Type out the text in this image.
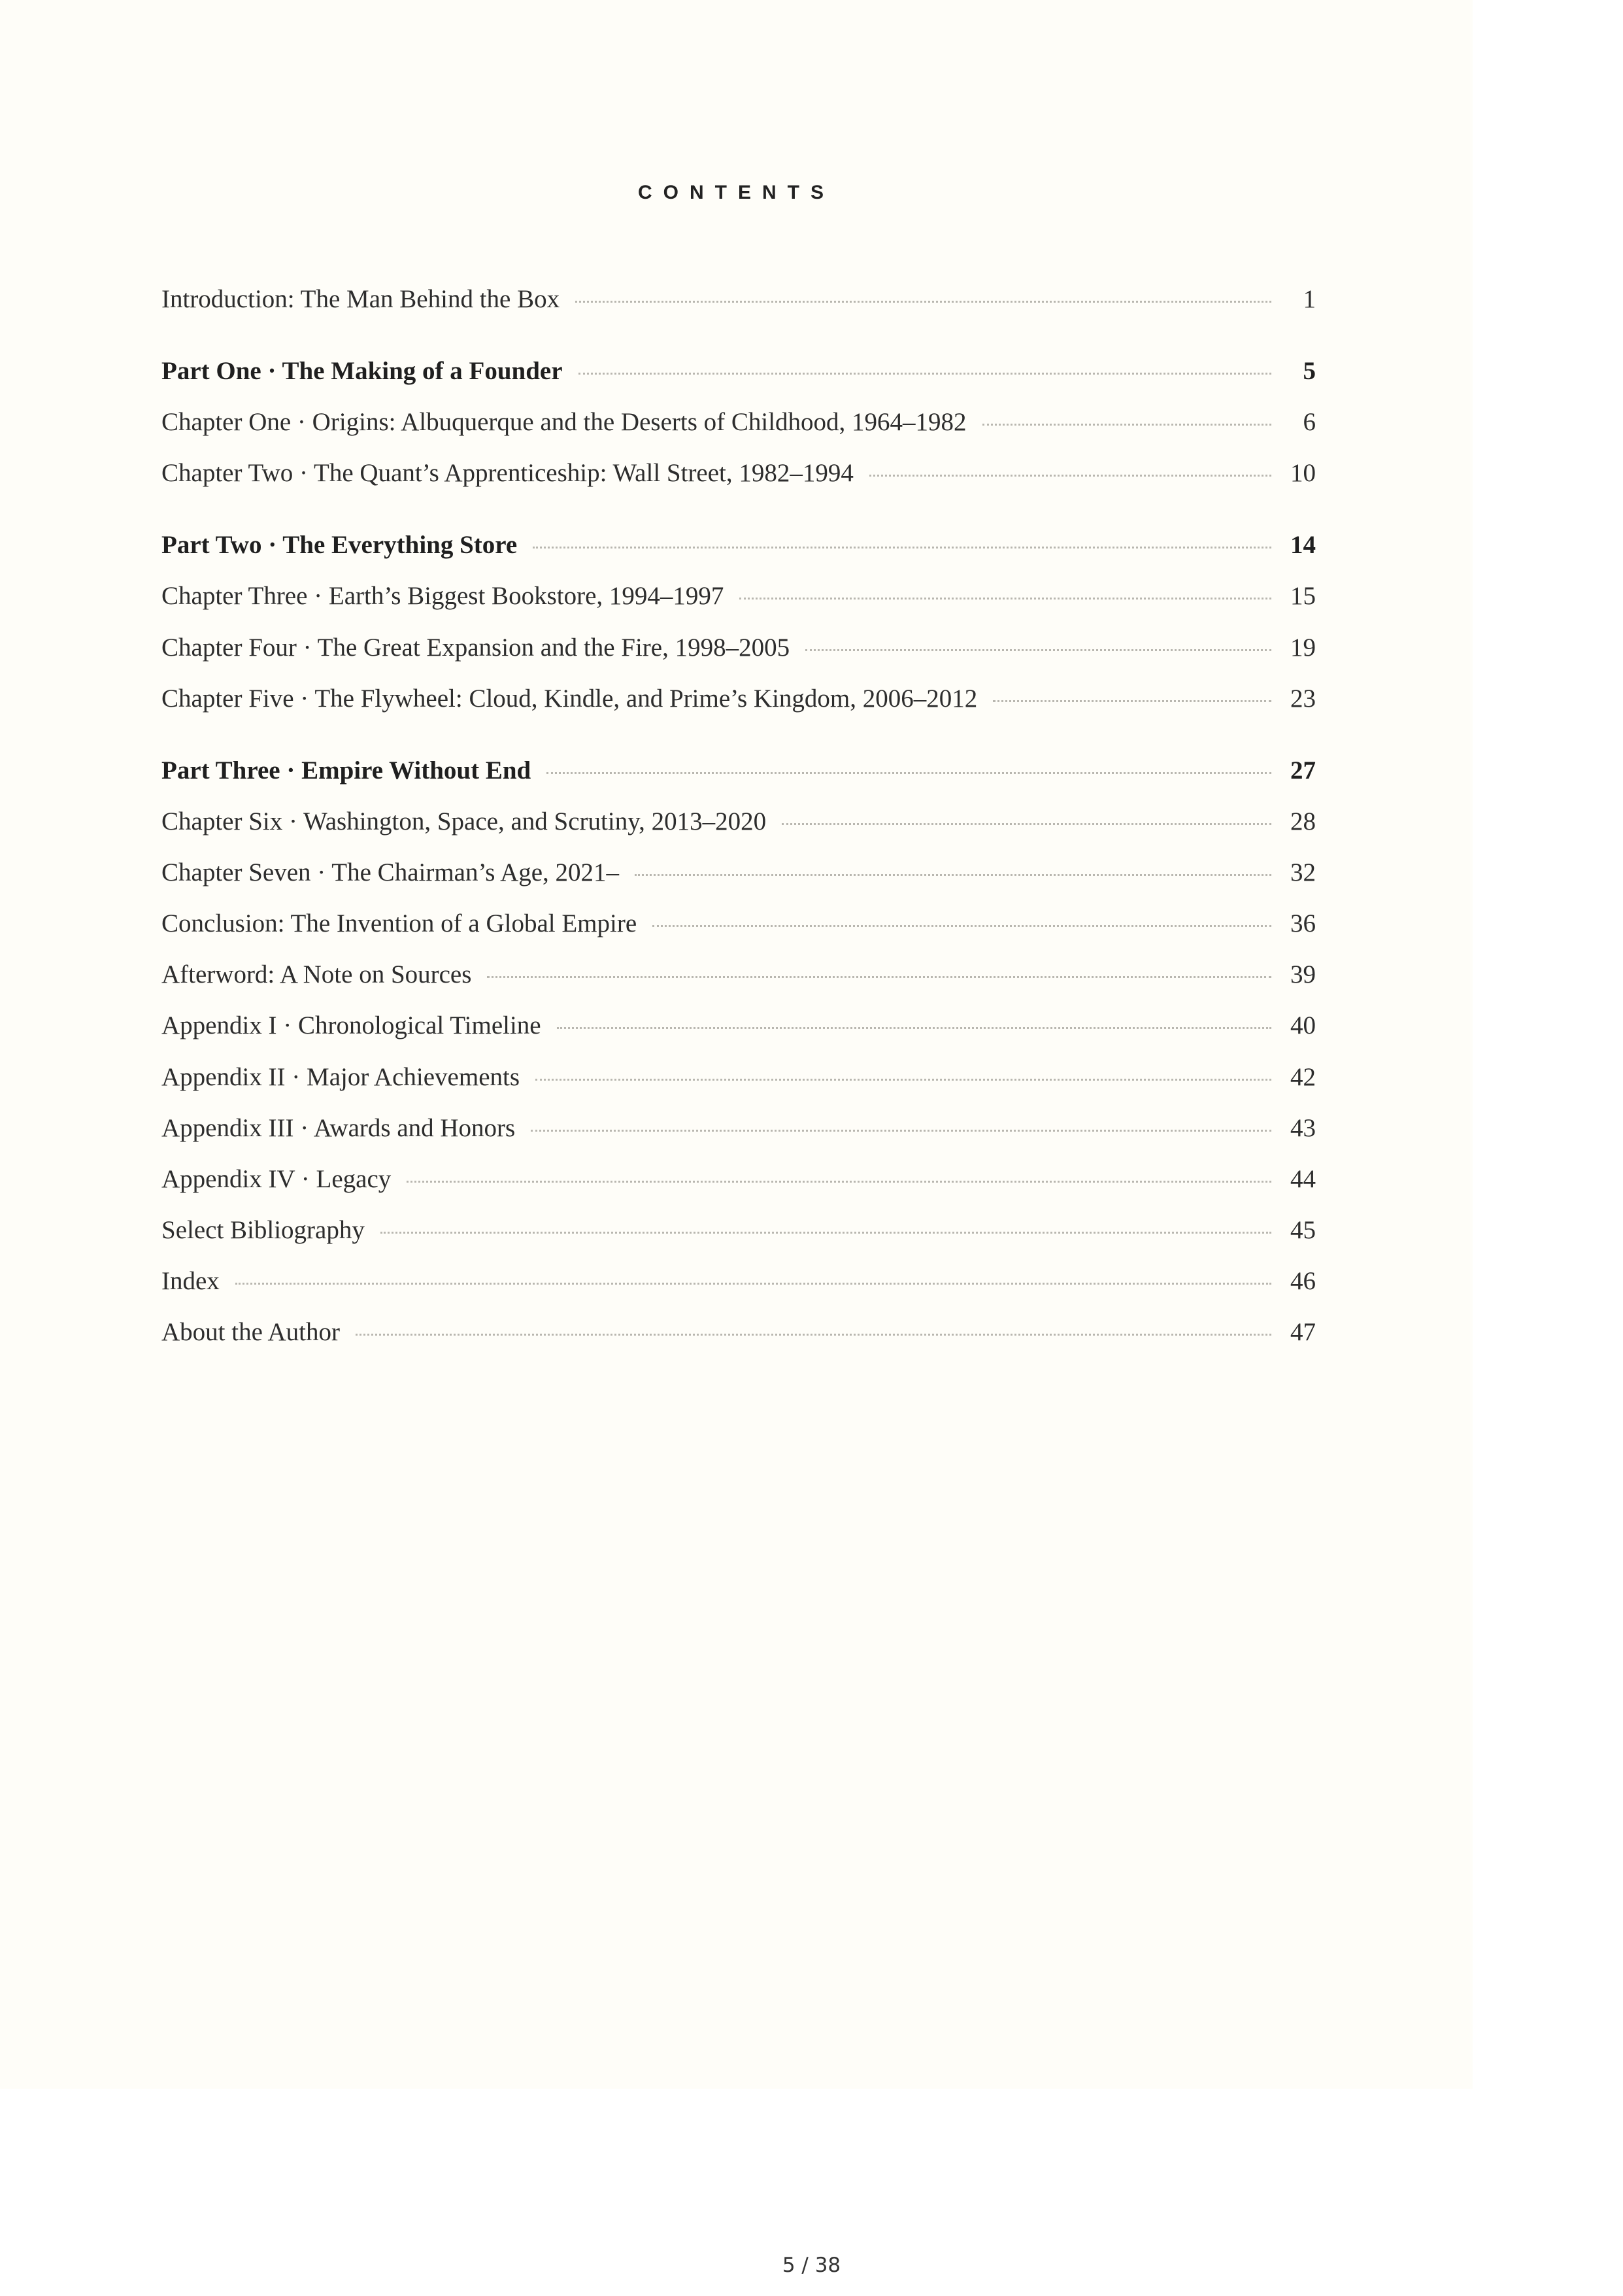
CONTENTS
Introduction: The Man Behind the Box	1
Part One · The Making of a Founder	5
Chapter One · Origins: Albuquerque and the Deserts of Childhood, 1964–1982	6
Chapter Two · The Quant’s Apprenticeship: Wall Street, 1982–1994	10
Part Two · The Everything Store	14
Chapter Three · Earth’s Biggest Bookstore, 1994–1997	15
Chapter Four · The Great Expansion and the Fire, 1998–2005	19
Chapter Five · The Flywheel: Cloud, Kindle, and Prime’s Kingdom, 2006–2012	23
Part Three · Empire Without End	27
Chapter Six · Washington, Space, and Scrutiny, 2013–2020	28
Chapter Seven · The Chairman’s Age, 2021–	32
Conclusion: The Invention of a Global Empire	36
Afterword: A Note on Sources	39
Appendix I · Chronological Timeline	40
Appendix II · Major Achievements	42
Appendix III · Awards and Honors	43
Appendix IV · Legacy	44
Select Bibliography	45
Index	46
About the Author	47
5 / 38
